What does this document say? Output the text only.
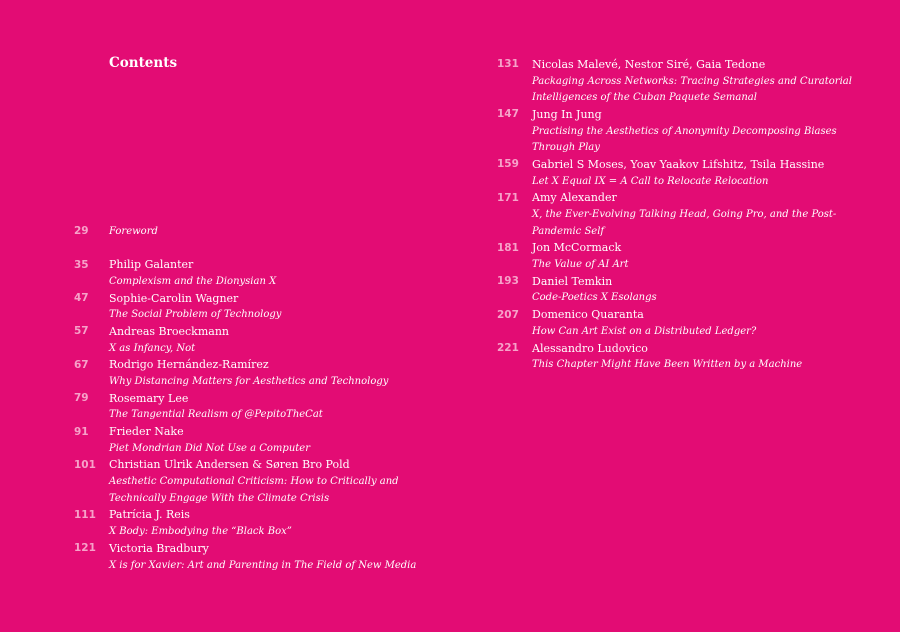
Contents
29	Foreword
35	Philip Galanter
Complexism and the Dionysian X
47	Sophie-Carolin Wagner
The Social Problem of Technology
57	Andreas Broeckmann
X as Infancy, Not
67	Rodrigo Hernández-Ramírez
Why Distancing Matters for Aesthetics and Technology
79	Rosemary Lee
The Tangential Realism of @PepitoTheCat
91	Frieder Nake
Piet Mondrian Did Not Use a Computer
101	Christian Ulrik Andersen & Søren Bro Pold
Aesthetic Computational Criticism: How to Critically and
Technically Engage With the Climate Crisis
111	Patrícia J. Reis
X Body: Embodying the “Black Box”
121	Victoria Bradbury
X is for Xavier: Art and Parenting in The Field of New Media
131	Nicolas Malevé, Nestor Siré, Gaia Tedone
Packaging Across Networks: Tracing Strategies and Curatorial
Intelligences of the Cuban Paquete Semanal
147	Jung In Jung
Practising the Aesthetics of Anonymity Decomposing Biases
Through Play
159	Gabriel S Moses, Yoav Yaakov Lifshitz, Tsila Hassine
Let X Equal IX = A Call to Relocate Relocation
171	Amy Alexander
X, the Ever-Evolving Talking Head, Going Pro, and the Post-
Pandemic Self
181	Jon McCormack
The Value of AI Art
193	Daniel Temkin
Code-Poetics X Esolangs
207	Domenico Quaranta
How Can Art Exist on a Distributed Ledger?
221	Alessandro Ludovico
This Chapter Might Have Been Written by a Machine
